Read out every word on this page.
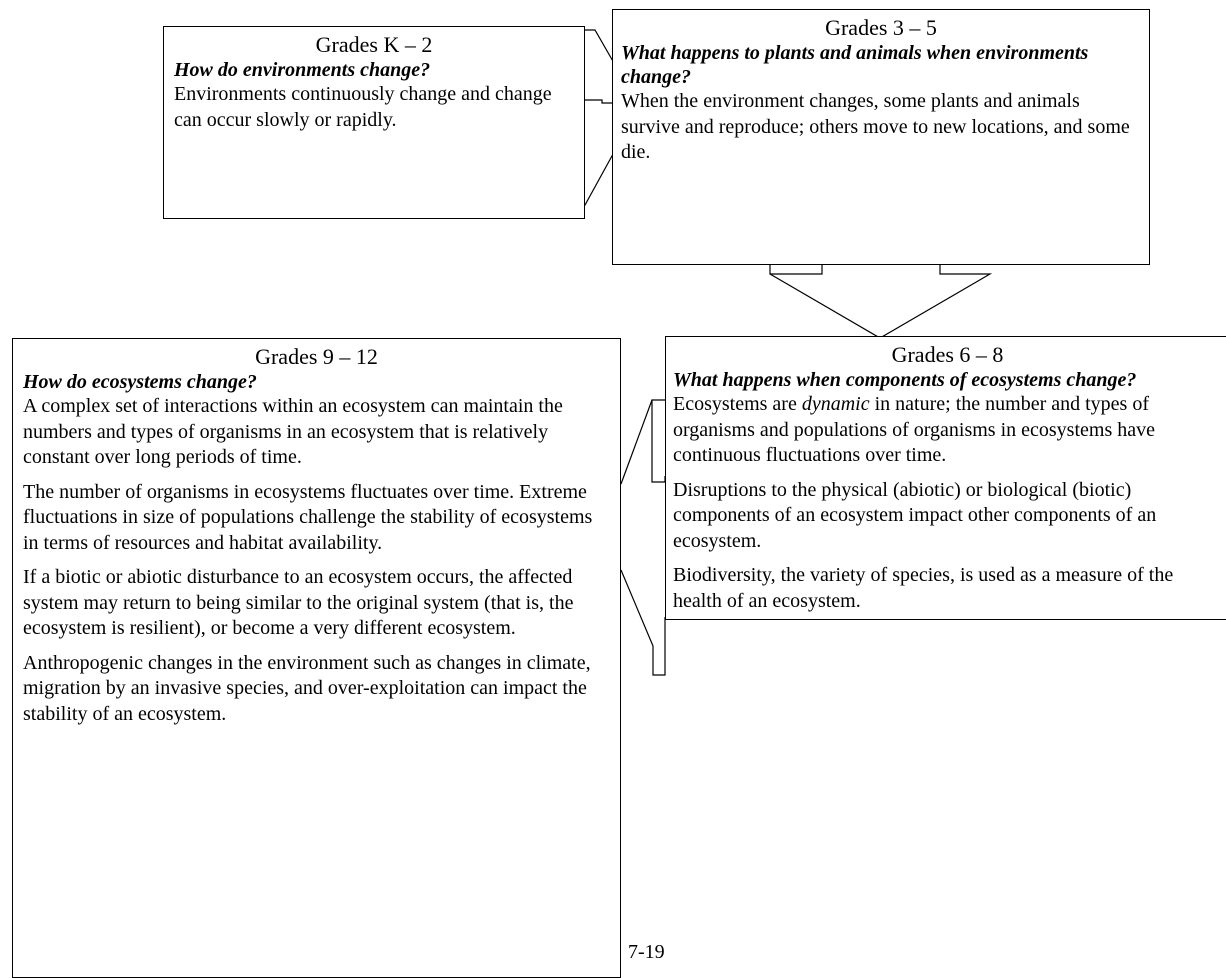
Grades K – 2
How do environments change?

Environments continuously change and change can occur slowly or rapidly.

Grades 3 – 5
What happens to plants and animals when environments change?

When the environment changes, some plants and animals survive and reproduce; others move to new locations, and some die.

Grades 6 – 8
What happens when components of ecosystems change?

Ecosystems are dynamic in nature; the number and types of organisms and populations of organisms in ecosystems have continuous fluctuations over time.

Disruptions to the physical (abiotic) or biological (biotic) components of an ecosystem impact other components of an ecosystem.

Biodiversity, the variety of species, is used as a measure of the health of an ecosystem.

Grades 9 – 12
How do ecosystems change?

A complex set of interactions within an ecosystem can maintain the numbers and types of organisms in an ecosystem that is relatively constant over long periods of time.

The number of organisms in ecosystems fluctuates over time. Extreme fluctuations in size of populations challenge the stability of ecosystems in terms of resources and habitat availability.

If a biotic or abiotic disturbance to an ecosystem occurs, the affected system may return to being similar to the original system (that is, the ecosystem is resilient), or become a very different ecosystem.

Anthropogenic changes in the environment such as changes in climate, migration by an invasive species, and over-exploitation can impact the stability of an ecosystem.

7-19
